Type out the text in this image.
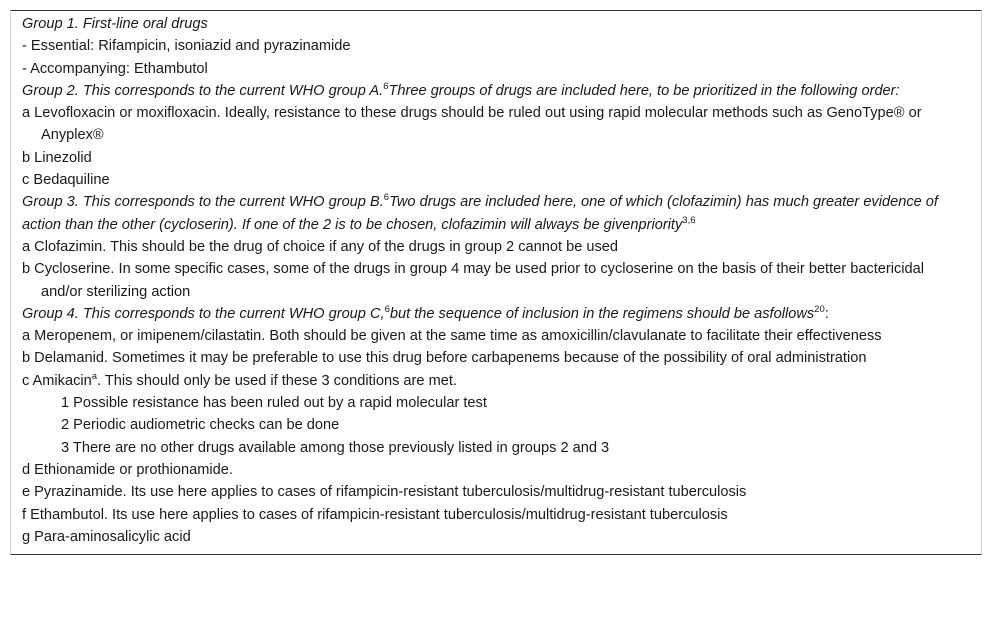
Group 1. First-line oral drugs
- Essential: Rifampicin, isoniazid and pyrazinamide
- Accompanying: Ethambutol
Group 2. This corresponds to the current WHO group A.$^6$Three groups of drugs are included here, to be prioritized in the following order:
a Levofloxacin or moxifloxacin. Ideally, resistance to these drugs should be ruled out using rapid molecular methods such as GenoType® or Anyplex®
b Linezolid
c Bedaquiline
Group 3. This corresponds to the current WHO group B.$^6$Two drugs are included here, one of which (clofazimin) has much greater evidence of action than the other (cycloserin). If one of the 2 is to be chosen, clofazimin will always be givenpriority$^{3,6}$
a Clofazimin. This should be the drug of choice if any of the drugs in group 2 cannot be used
b Cycloserine. In some specific cases, some of the drugs in group 4 may be used prior to cycloserine on the basis of their better bactericidal and/or sterilizing action
Group 4. This corresponds to the current WHO group C,$^6$but the sequence of inclusion in the regimens should be asfollows$^{20}$:
a Meropenem, or imipenem/cilastatin. Both should be given at the same time as amoxicillin/clavulanate to facilitate their effectiveness
b Delamanid. Sometimes it may be preferable to use this drug before carbapenems because of the possibility of oral administration
c Amikacin$^a$. This should only be used if these 3 conditions are met.
1 Possible resistance has been ruled out by a rapid molecular test
2 Periodic audiometric checks can be done
3 There are no other drugs available among those previously listed in groups 2 and 3
d Ethionamide or prothionamide.
e Pyrazinamide. Its use here applies to cases of rifampicin-resistant tuberculosis/multidrug-resistant tuberculosis
f Ethambutol. Its use here applies to cases of rifampicin-resistant tuberculosis/multidrug-resistant tuberculosis
g Para-aminosalicylic acid
